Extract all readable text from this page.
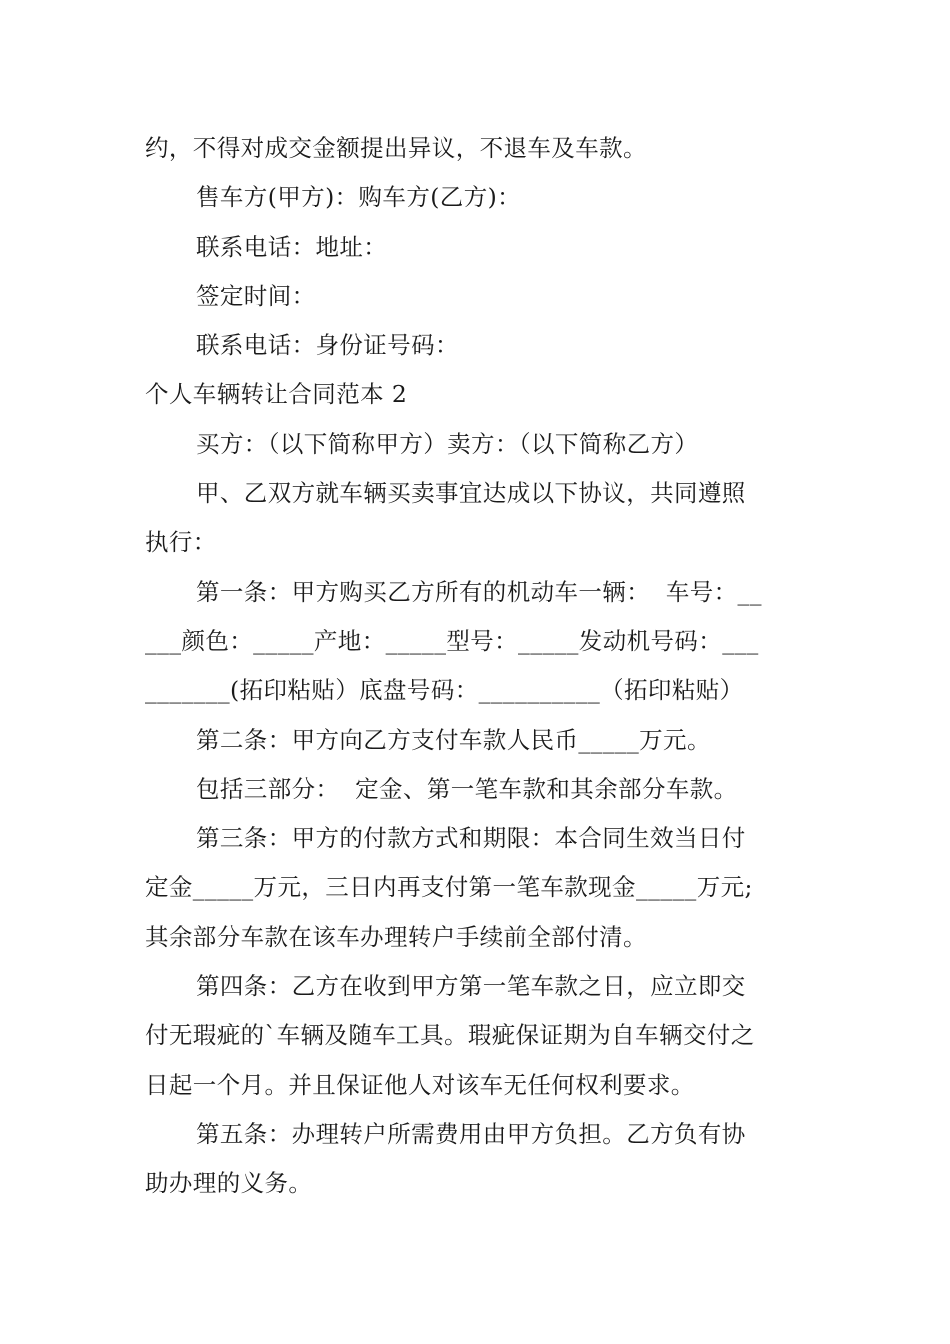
约，不得对成交金额提出异议，不退车及车款。
售车方(甲方)：购车方(乙方)：
联系电话：地址：
签定时间：
联系电话：身份证号码：
个人车辆转让合同范本 2
买方：（以下简称甲方）卖方：（以下简称乙方）
甲、乙双方就车辆买卖事宜达成以下协议，共同遵照
执行：
第一条：甲方购买乙方所有的机动车一辆：  车号：__
___颜色：_____产地：_____型号：_____发动机号码：___
_______(拓印粘贴）底盘号码：__________（拓印粘贴）
第二条：甲方向乙方支付车款人民币_____万元。
包括三部分：  定金、第一笔车款和其余部分车款。
第三条：甲方的付款方式和期限：本合同生效当日付
定金_____万元，三日内再支付第一笔车款现金_____万元;
其余部分车款在该车办理转户手续前全部付清。
第四条：乙方在收到甲方第一笔车款之日，应立即交
付无瑕疵的`车辆及随车工具。瑕疵保证期为自车辆交付之
日起一个月。并且保证他人对该车无任何权利要求。
第五条：办理转户所需费用由甲方负担。乙方负有协
助办理的义务。
